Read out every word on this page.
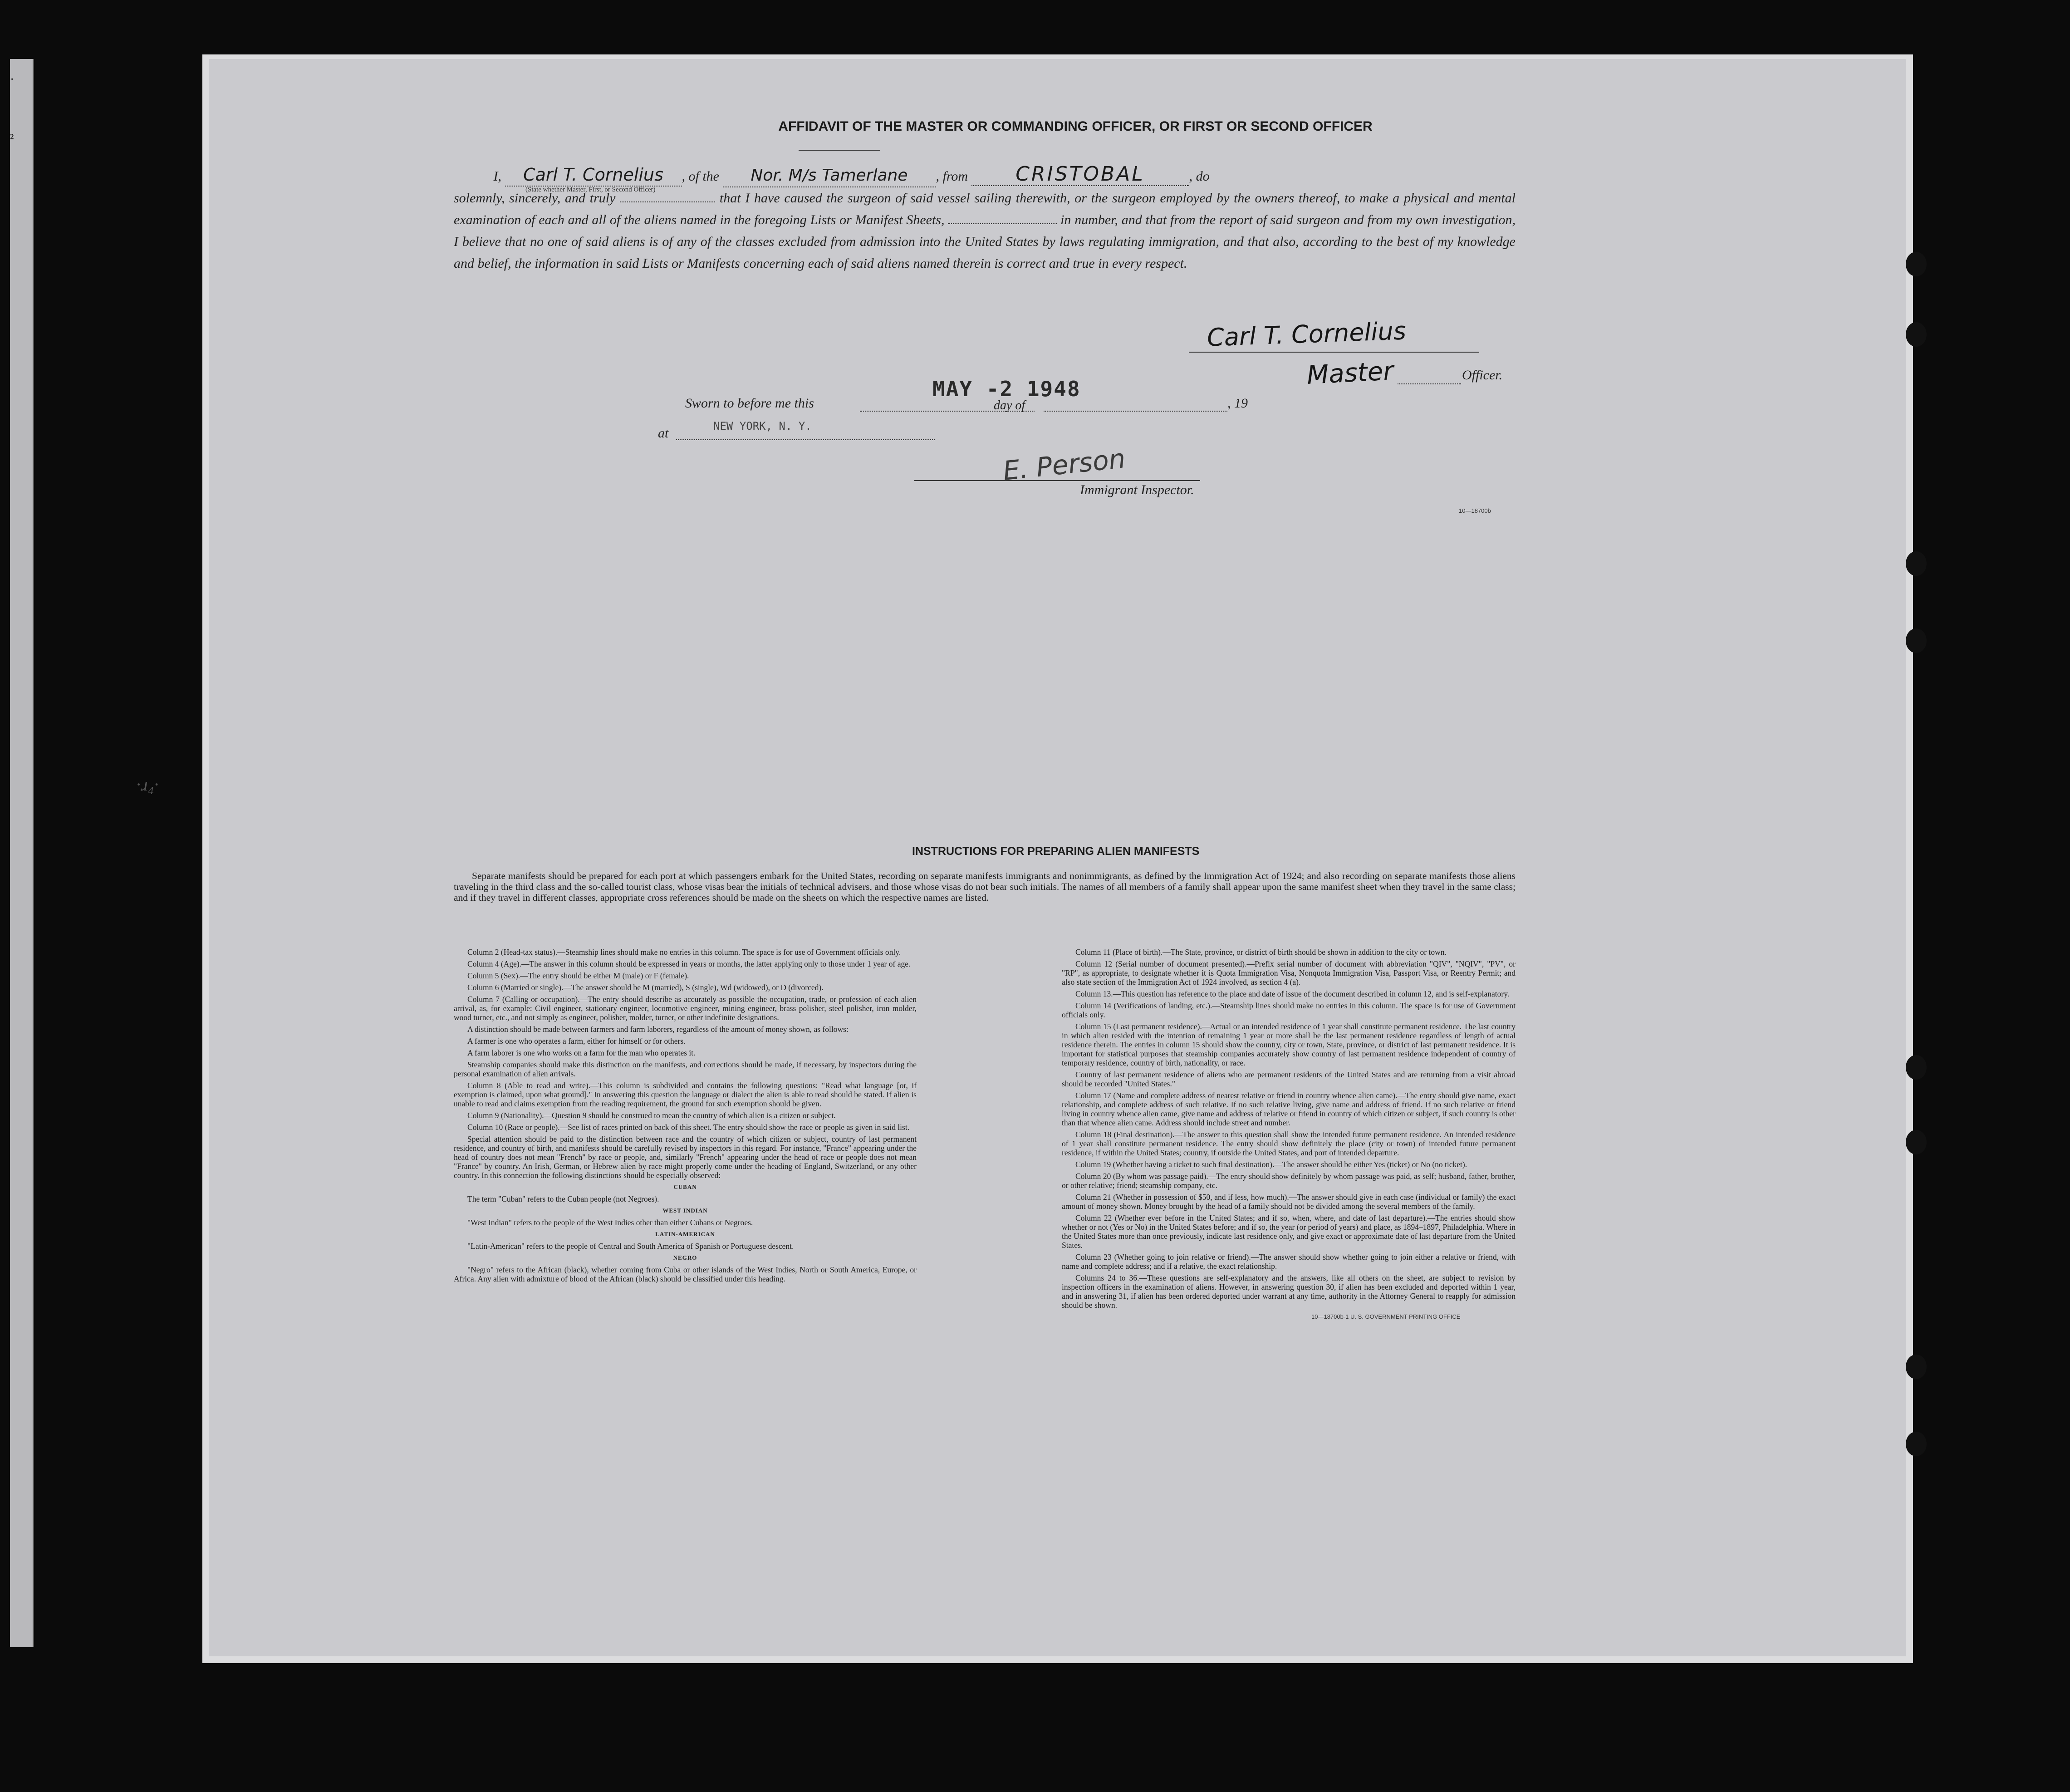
·
²
·ɹ₄·
AFFIDAVIT OF THE MASTER OR COMMANDING OFFICER, OR FIRST OR SECOND OFFICER

I, Carl T. Cornelius , of the Nor. M/s Tamerlane , from CRISTOBAL	, do

solemnly, sincerely, and truly	that I have caused the surgeon of said vessel sailing therewith, or the surgeon employed by the owners thereof, to make a physical and mental examination of each and all of the aliens named in the foregoing Lists or Manifest Sheets,	in number, and that from the report of said surgeon and from my own investigation, I believe that no one of said aliens is of any of the classes excluded from admission into the United States by laws regulating immigration, and that also, according to the best of my knowledge and belief, the information in said Lists or Manifests concerning each of said aliens named therein is correct and true in every respect.

(State whether Master, First, or Second Officer)
Carl T. Cornelius
Master	Officer.
Sworn to before me this
MAY -2 1948
day of	, 19
at	NEW YORK, N. Y.
E. Person
Immigrant Inspector.
10—18700b
INSTRUCTIONS FOR PREPARING ALIEN MANIFESTS
Separate manifests should be prepared for each port at which passengers embark for the United States, recording on separate manifests immigrants and nonimmigrants, as defined by the Immigration Act of 1924; and also recording on separate manifests those aliens traveling in the third class and the so-called tourist class, whose visas bear the initials of technical advisers, and those whose visas do not bear such initials. The names of all members of a family shall appear upon the same manifest sheet when they travel in the same class; and if they travel in different classes, appropriate cross references should be made on the sheets on which the respective names are listed.

Column 2 (Head-tax status).—Steamship lines should make no entries in this column. The space is for use of Government officials only.

Column 4 (Age).—The answer in this column should be expressed in years or months, the latter applying only to those under 1 year of age.

Column 5 (Sex).—The entry should be either M (male) or F (female).

Column 6 (Married or single).—The answer should be M (married), S (single), Wd (widowed), or D (divorced).

Column 7 (Calling or occupation).—The entry should describe as accurately as possible the occupation, trade, or profession of each alien arrival, as, for example: Civil engineer, stationary engineer, locomotive engineer, mining engineer, brass polisher, steel polisher, iron molder, wood turner, etc., and not simply as engineer, polisher, molder, turner, or other indefinite designations.

A distinction should be made between farmers and farm laborers, regardless of the amount of money shown, as follows:

A farmer is one who operates a farm, either for himself or for others.

A farm laborer is one who works on a farm for the man who operates it.

Steamship companies should make this distinction on the manifests, and corrections should be made, if necessary, by inspectors during the personal examination of alien arrivals.

Column 8 (Able to read and write).—This column is subdivided and contains the following questions: "Read what language [or, if exemption is claimed, upon what ground]." In answering this question the language or dialect the alien is able to read should be stated. If alien is unable to read and claims exemption from the reading requirement, the ground for such exemption should be given.

Column 9 (Nationality).—Question 9 should be construed to mean the country of which alien is a citizen or subject.

Column 10 (Race or people).—See list of races printed on back of this sheet. The entry should show the race or people as given in said list.

Special attention should be paid to the distinction between race and the country of which citizen or subject, country of last permanent residence, and country of birth, and manifests should be carefully revised by inspectors in this regard. For instance, "France" appearing under the head of country does not mean "French" by race or people, and, similarly "French" appearing under the head of race or people does not mean "France" by country. An Irish, German, or Hebrew alien by race might properly come under the heading of England, Switzerland, or any other country. In this connection the following distinctions should be especially observed:

CUBAN

The term "Cuban" refers to the Cuban people (not Negroes).

WEST INDIAN

"West Indian" refers to the people of the West Indies other than either Cubans or Negroes.

LATIN-AMERICAN

"Latin-American" refers to the people of Central and South America of Spanish or Portuguese descent.

NEGRO

"Negro" refers to the African (black), whether coming from Cuba or other islands of the West Indies, North or South America, Europe, or Africa. Any alien with admixture of blood of the African (black) should be classified under this heading.

Column 11 (Place of birth).—The State, province, or district of birth should be shown in addition to the city or town.

Column 12 (Serial number of document presented).—Prefix serial number of document with abbreviation "QIV", "NQIV", "PV", or "RP", as appropriate, to designate whether it is Quota Immigration Visa, Nonquota Immigration Visa, Passport Visa, or Reentry Permit; and also state section of the Immigration Act of 1924 involved, as section 4 (a).

Column 13.—This question has reference to the place and date of issue of the document described in column 12, and is self-explanatory.

Column 14 (Verifications of landing, etc.).—Steamship lines should make no entries in this column. The space is for use of Government officials only.

Column 15 (Last permanent residence).—Actual or an intended residence of 1 year shall constitute permanent residence. The last country in which alien resided with the intention of remaining 1 year or more shall be the last permanent residence regardless of length of actual residence therein. The entries in column 15 should show the country, city or town, State, province, or district of last permanent residence. It is important for statistical purposes that steamship companies accurately show country of last permanent residence independent of country of temporary residence, country of birth, nationality, or race.

Country of last permanent residence of aliens who are permanent residents of the United States and are returning from a visit abroad should be recorded "United States."

Column 17 (Name and complete address of nearest relative or friend in country whence alien came).—The entry should give name, exact relationship, and complete address of such relative. If no such relative living, give name and address of friend. If no such relative or friend living in country whence alien came, give name and address of relative or friend in country of which citizen or subject, if such country is other than that whence alien came. Address should include street and number.

Column 18 (Final destination).—The answer to this question shall show the intended future permanent residence. An intended residence of 1 year shall constitute permanent residence. The entry should show definitely the place (city or town) of intended future permanent residence, if within the United States; country, if outside the United States, and port of intended departure.

Column 19 (Whether having a ticket to such final destination).—The answer should be either Yes (ticket) or No (no ticket).

Column 20 (By whom was passage paid).—The entry should show definitely by whom passage was paid, as self; husband, father, brother, or other relative; friend; steamship company, etc.

Column 21 (Whether in possession of $50, and if less, how much).—The answer should give in each case (individual or family) the exact amount of money shown. Money brought by the head of a family should not be divided among the several members of the family.

Column 22 (Whether ever before in the United States; and if so, when, where, and date of last departure).—The entries should show whether or not (Yes or No) in the United States before; and if so, the year (or period of years) and place, as 1894–1897, Philadelphia. Where in the United States more than once previously, indicate last residence only, and give exact or approximate date of last departure from the United States.

Column 23 (Whether going to join relative or friend).—The answer should show whether going to join either a relative or friend, with name and complete address; and if a relative, the exact relationship.

Columns 24 to 36.—These questions are self-explanatory and the answers, like all others on the sheet, are subject to revision by inspection officers in the examination of aliens. However, in answering question 30, if alien has been excluded and deported within 1 year, and in answering 31, if alien has been ordered deported under warrant at any time, authority in the Attorney General to reapply for admission should be shown.

10—18700b-1 U. S. GOVERNMENT PRINTING OFFICE
